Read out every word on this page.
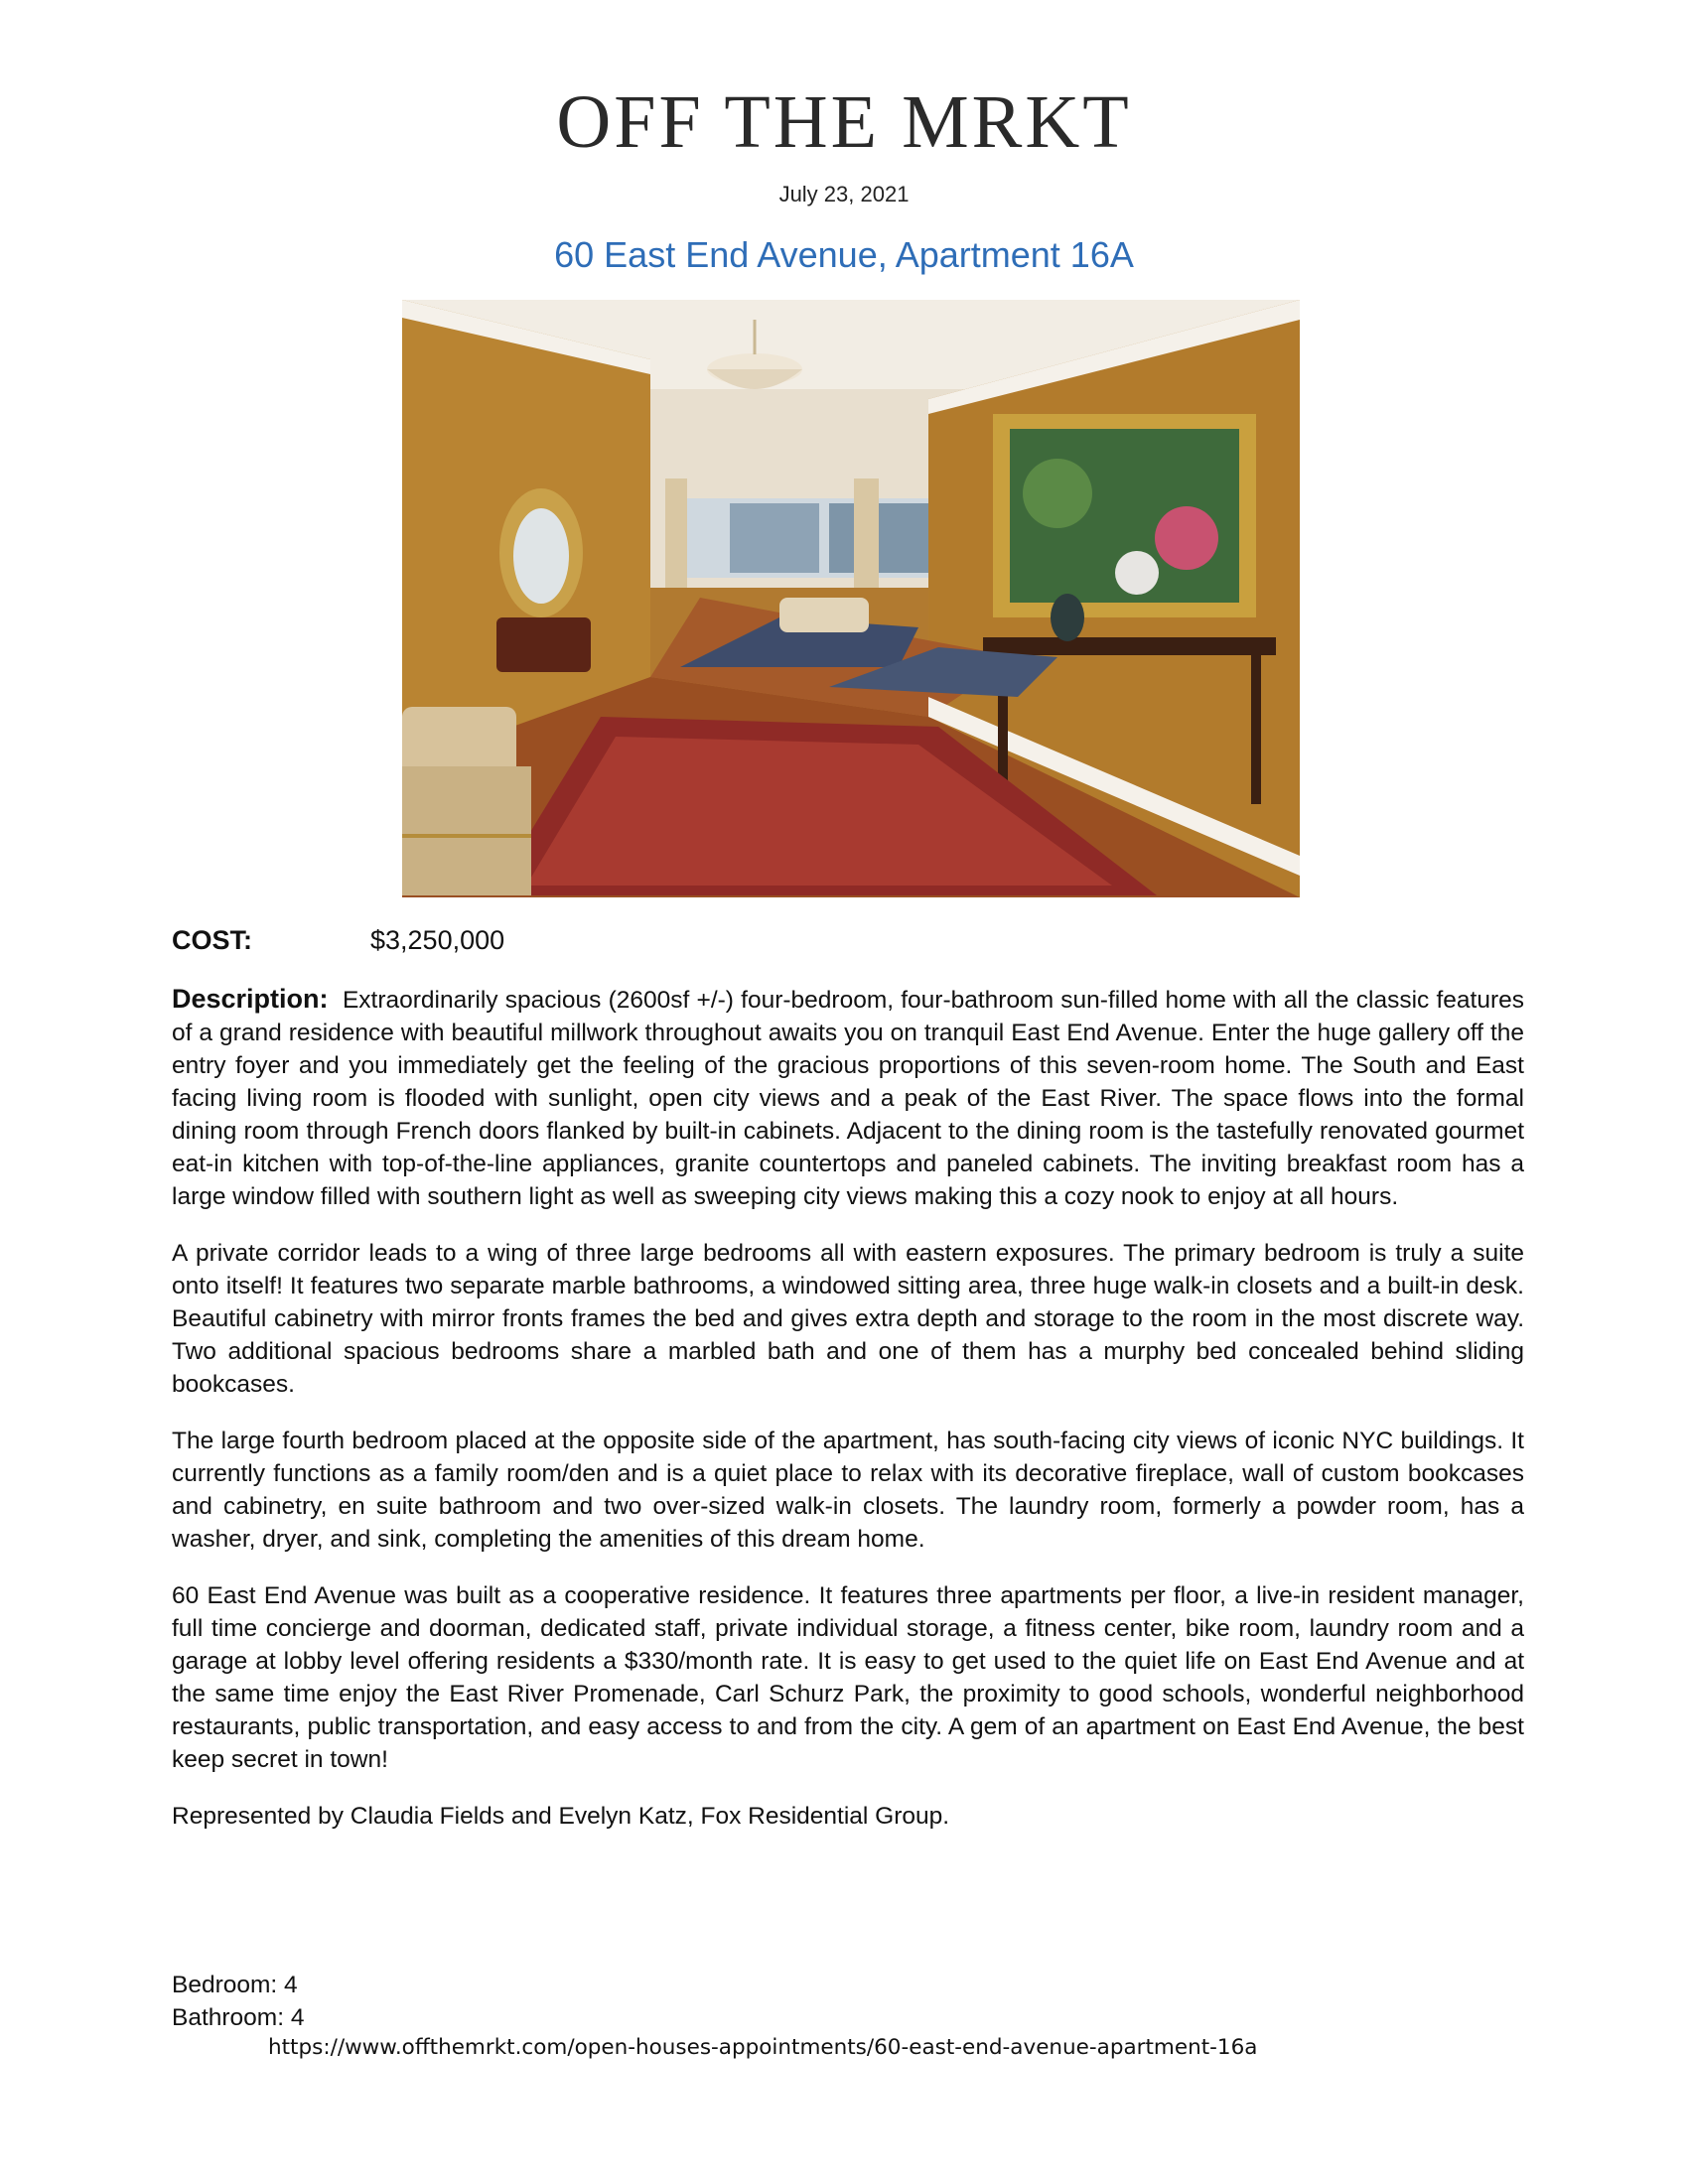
OFF THE MRKT
July 23, 2021
60 East End Avenue, Apartment 16A
COST:	$3,250,000

Description: Extraordinarily spacious (2600sf +/-) four-bedroom, four-bathroom sun-filled home with all the classic features of a grand residence with beautiful millwork throughout awaits you on tranquil East End Avenue. Enter the huge gallery off the entry foyer and you immediately get the feeling of the gracious proportions of this seven-room home. The South and East facing living room is flooded with sunlight, open city views and a peak of the East River. The space flows into the formal dining room through French doors flanked by built-in cabinets. Adjacent to the dining room is the tastefully renovated gourmet eat-in kitchen with top-of-the-line appliances, granite countertops and paneled cabinets. The inviting breakfast room has a large window filled with southern light as well as sweeping city views making this a cozy nook to enjoy at all hours.

A private corridor leads to a wing of three large bedrooms all with eastern exposures. The primary bedroom is truly a suite onto itself! It features two separate marble bathrooms, a windowed sitting area, three huge walk-in closets and a built-in desk. Beautiful cabinetry with mirror fronts frames the bed and gives extra depth and storage to the room in the most discrete way. Two additional spacious bedrooms share a marbled bath and one of them has a murphy bed concealed behind sliding bookcases.

The large fourth bedroom placed at the opposite side of the apartment, has south-facing city views of iconic NYC buildings. It currently functions as a family room/den and is a quiet place to relax with its decorative fireplace, wall of custom bookcases and cabinetry, en suite bathroom and two over-sized walk-in closets. The laundry room, formerly a powder room, has a washer, dryer, and sink, completing the amenities of this dream home.

60 East End Avenue was built as a cooperative residence. It features three apartments per floor, a live-in resident manager, full time concierge and doorman, dedicated staff, private individual storage, a fitness center, bike room, laundry room and a garage at lobby level offering residents a $330/month rate. It is easy to get used to the quiet life on East End Avenue and at the same time enjoy the East River Promenade, Carl Schurz Park, the proximity to good schools, wonderful neighborhood restaurants, public transportation, and easy access to and from the city. A gem of an apartment on East End Avenue, the best keep secret in town!

Represented by Claudia Fields and Evelyn Katz, Fox Residential Group.

Bedroom: 4
Bathroom: 4
https://www.offthemrkt.com/open-houses-appointments/60-east-end-avenue-apartment-16a
